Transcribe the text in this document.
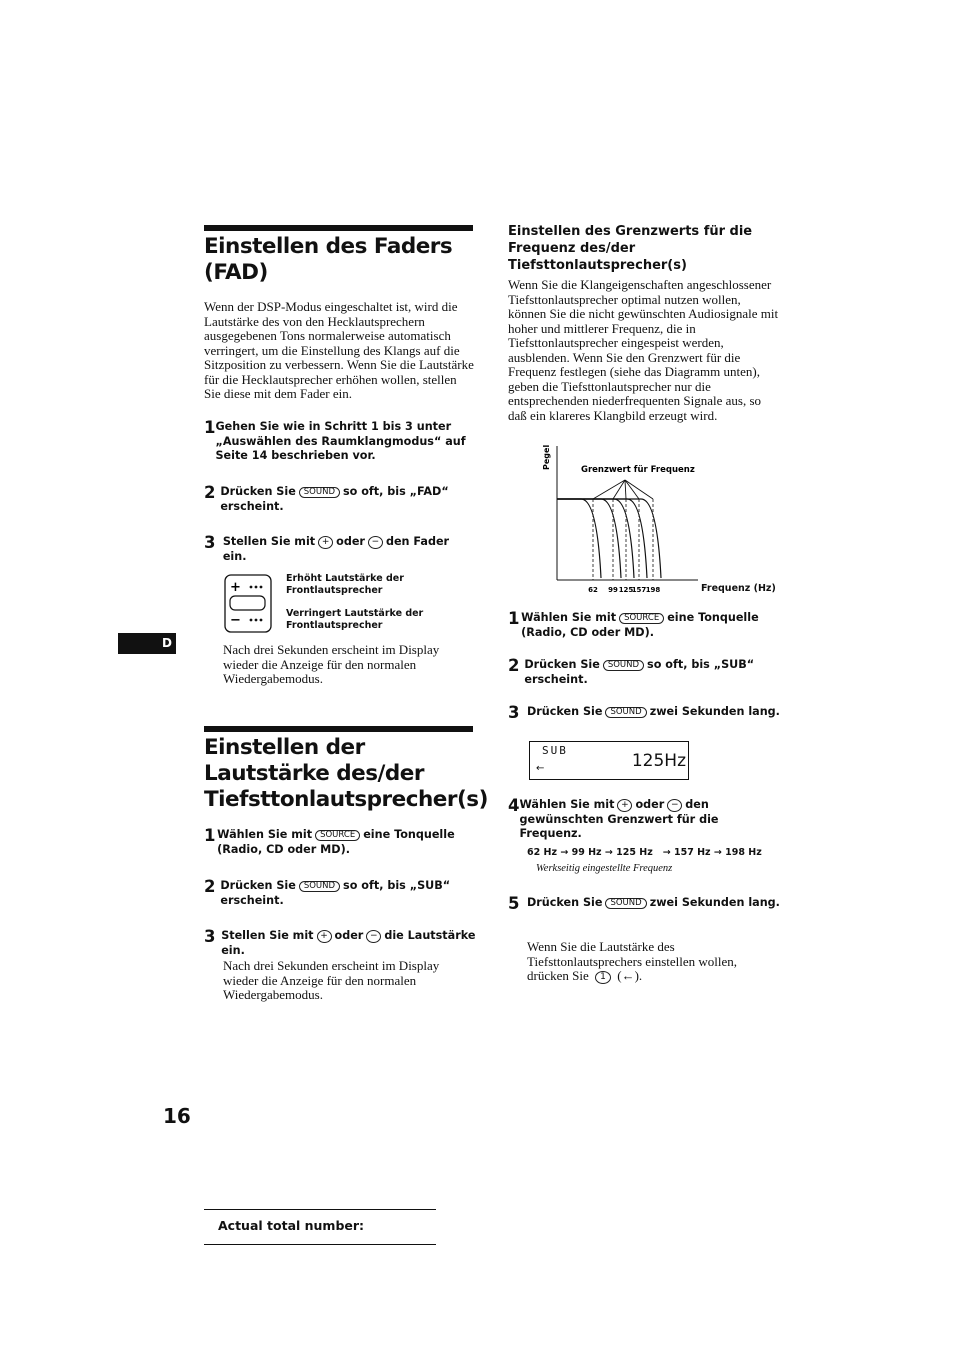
Einstellen des Faders (FAD)
Wenn der DSP-Modus eingeschaltet ist, wird die Lautstärke des von den Hecklautsprechern ausgegebenen Tons normalerweise automatisch verringert, um die Einstellung des Klangs auf die Sitzposition zu verbessern. Wenn Sie die Lautstärke für die Hecklautsprecher erhöhen wollen, stellen Sie diese mit dem Fader ein.
1 Gehen Sie wie in Schritt 1 bis 3 unter „Auswählen des Raumklangmodus“ auf Seite 14 beschrieben vor.
2 Drücken Sie SOUND so oft, bis „FAD“ erscheint.
3 Stellen Sie mit + oder − den Fader ein.
+
−
Erhöht Lautstärke der Frontlautsprecher
Verringert Lautstärke der Frontlautsprecher
Nach drei Sekunden erscheint im Display wieder die Anzeige für den normalen Wiedergabemodus.
D
Einstellen der Lautstärke des/der Tiefsttonlautsprecher(s)
1 Wählen Sie mit SOURCE eine Tonquelle (Radio, CD oder MD).
2 Drücken Sie SOUND so oft, bis „SUB“ erscheint.
3 Stellen Sie mit + oder − die Lautstärke ein.
Nach drei Sekunden erscheint im Display wieder die Anzeige für den normalen Wiedergabemodus.
16
Actual total number:
Einstellen des Grenzwerts für die Frequenz des/der Tiefsttonlautsprecher(s)
Wenn Sie die Klangeigenschaften angeschlossener Tiefsttonlautsprecher optimal nutzen wollen, können Sie die nicht gewünschten Audiosignale mit hoher und mittlerer Frequenz, die in Tiefsttonlautsprecher eingespeist werden, ausblenden. Wenn Sie den Grenzwert für die Frequenz festlegen (siehe das Diagramm unten), geben die Tiefsttonlautsprecher nur die entsprechenden niederfrequenten Signale aus, so daß ein klareres Klangbild erzeugt wird.
Pegel	Grenzwert für Frequenz
62 99 125
157 198	Frequenz (Hz)
1 Wählen Sie mit SOURCE eine Tonquelle (Radio, CD oder MD).
2 Drücken Sie SOUND so oft, bis „SUB“ erscheint.
3 Drücken Sie SOUND zwei Sekunden lang.
SUB
←	125Hz
4 Wählen Sie mit + oder − den gewünschten Grenzwert für die Frequenz.
62 Hz → 99 Hz → 125 Hz   → 157 Hz → 198 Hz
Werkseitig eingestellte Frequenz
5 Drücken Sie SOUND zwei Sekunden lang.
Wenn Sie die Lautstärke des Tiefsttonlautsprechers einstellen wollen, drücken Sie 1 (←).
